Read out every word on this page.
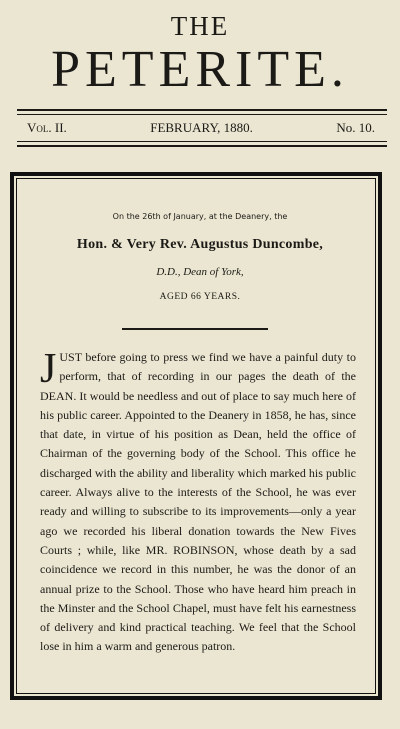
THE
PETERITE.
Vol. II.	FEBRUARY, 1880.	No. 10.
On the 26th of January, at the Deanery, the
Hon. & Very Rev. Augustus Duncombe,
D.D., Dean of York,
AGED 66 YEARS.
J UST before going to press we find we have a painful duty to perform, that of recording in our pages the death of the DEAN. It would be needless and out of place to say much here of his public career. Appointed to the Deanery in 1858, he has, since that date, in virtue of his position as Dean, held the office of Chairman of the governing body of the School. This office he discharged with the ability and liberality which marked his public career. Always alive to the interests of the School, he was ever ready and willing to subscribe to its improvements—only a year ago we recorded his liberal donation towards the New Fives Courts ; while, like MR. ROBINSON, whose death by a sad coincidence we record in this number, he was the donor of an annual prize to the School. Those who have heard him preach in the Minster and the School Chapel, must have felt his earnestness of delivery and kind practical teaching. We feel that the School lose in him a warm and generous patron.
